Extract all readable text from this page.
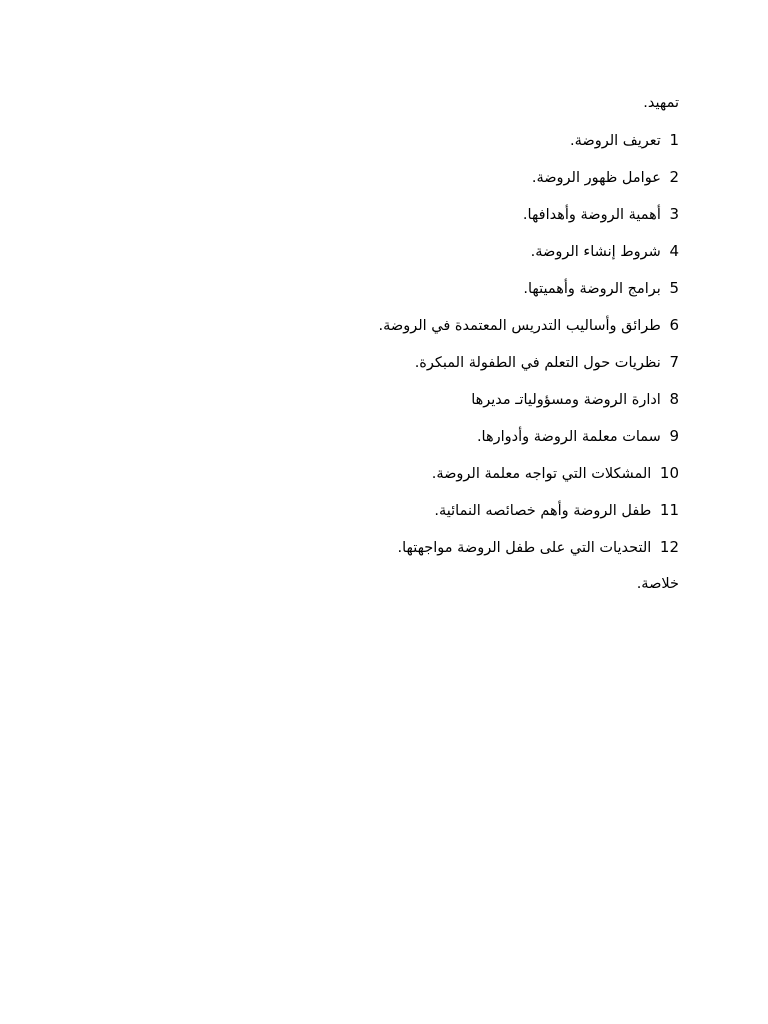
تمهيد.
1 تعريف الروضة.
2 عوامل ظهور الروضة.
3 أهمية الروضة وأهدافها.
4 شروط إنشاء الروضة.
5 برامج الروضة وأهميتها.
6 طرائق وأساليب التدريس المعتمدة في الروضة.
7 نظريات حول التعلم في الطفولة المبكرة.
8 ادارة الروضة ومسؤولياتـ مديرها
9 سمات معلمة الروضة وأدوارها.
10 المشكلات التي تواجه معلمة الروضة.
11 طفل الروضة وأهم خصائصه النمائية.
12 التحديات التي على طفل الروضة مواجهتها.
خلاصة.
